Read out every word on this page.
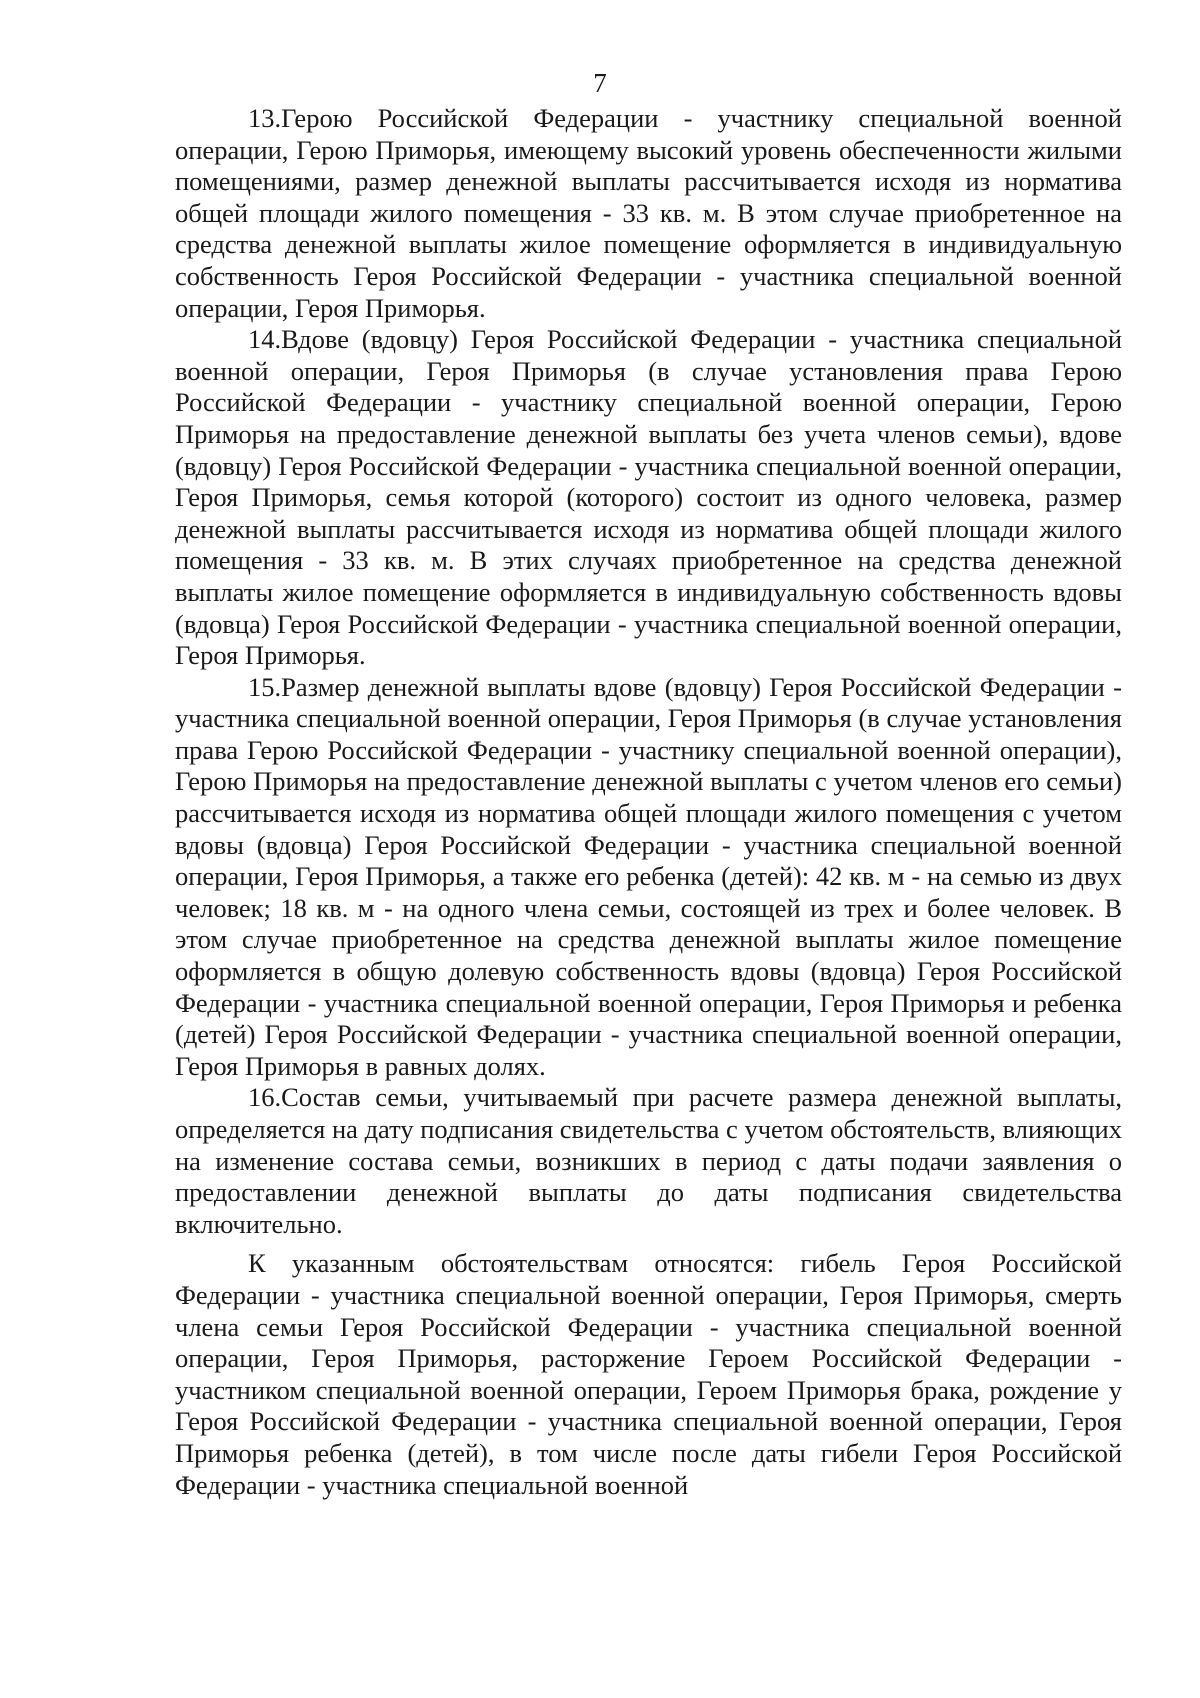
7

13.Герою Российской Федерации - участнику специальной военной операции, Герою Приморья, имеющему высокий уровень обеспеченности жилыми помещениями, размер денежной выплаты рассчитывается исходя из норматива общей площади жилого помещения - 33 кв. м. В этом случае приобретенное на средства денежной выплаты жилое помещение оформляется в индивидуальную собственность Героя Российской Федерации - участника специальной военной операции, Героя Приморья.

14.Вдове (вдовцу) Героя Российской Федерации - участника специальной военной операции, Героя Приморья (в случае установления права Герою Российской Федерации - участнику специальной военной операции, Герою Приморья на предоставление денежной выплаты без учета членов семьи), вдове (вдовцу) Героя Российской Федерации - участника специальной военной операции, Героя Приморья, семья которой (которого) состоит из одного человека, размер денежной выплаты рассчитывается исходя из норматива общей площади жилого помещения - 33 кв. м. В этих случаях приобретенное на средства денежной выплаты жилое помещение оформляется в индивидуальную собственность вдовы (вдовца) Героя Российской Федерации - участника специальной военной операции, Героя Приморья.

15.Размер денежной выплаты вдове (вдовцу) Героя Российской Федерации - участника специальной военной операции, Героя Приморья (в случае установления права Герою Российской Федерации - участнику специальной военной операции), Герою Приморья на предоставление денежной выплаты с учетом членов его семьи) рассчитывается исходя из норматива общей площади жилого помещения с учетом вдовы (вдовца) Героя Российской Федерации - участника специальной военной операции, Героя Приморья, а также его ребенка (детей): 42 кв. м - на семью из двух человек; 18 кв. м - на одного члена семьи, состоящей из трех и более человек. В этом случае приобретенное на средства денежной выплаты жилое помещение оформляется в общую долевую собственность вдовы (вдовца) Героя Российской Федерации - участника специальной военной операции, Героя Приморья и ребенка (детей) Героя Российской Федерации - участника специальной военной операции, Героя Приморья в равных долях.

16.Состав семьи, учитываемый при расчете размера денежной выплаты, определяется на дату подписания свидетельства с учетом обстоятельств, влияющих на изменение состава семьи, возникших в период с даты подачи заявления о предоставлении денежной выплаты до даты подписания свидетельства включительно.

К указанным обстоятельствам относятся: гибель Героя Российской Федерации - участника специальной военной операции, Героя Приморья, смерть члена семьи Героя Российской Федерации - участника специальной военной операции, Героя Приморья, расторжение Героем Российской Федерации - участником специальной военной операции, Героем Приморья брака, рождение у Героя Российской Федерации - участника специальной военной операции, Героя Приморья ребенка (детей), в том числе после даты гибели Героя Российской Федерации - участника специальной военной
